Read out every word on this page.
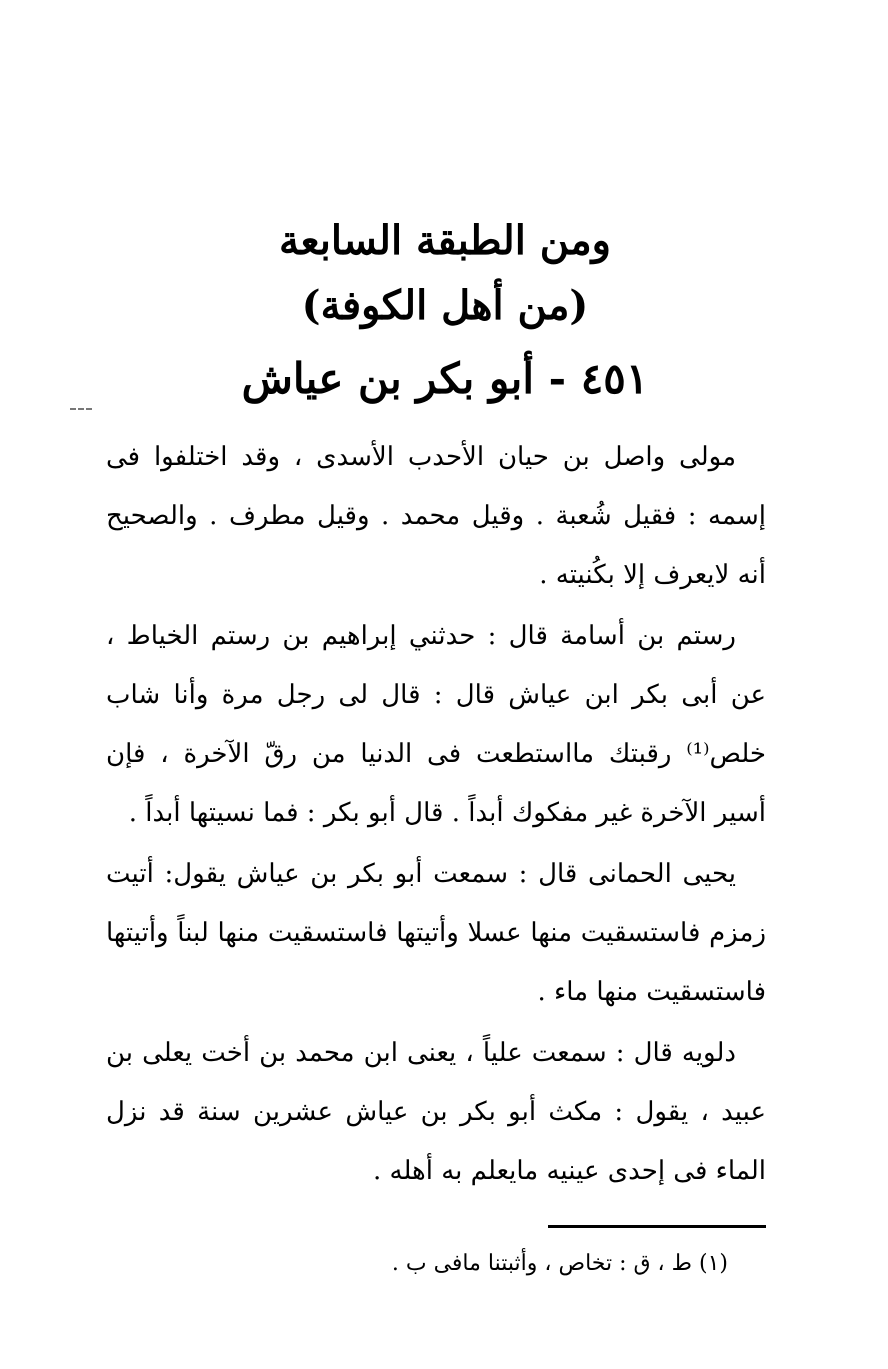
ومن الطبقة السابعة
(من أهل الكوفة)
٤٥١ - أبو بكر بن عياش

مولى واصل بن حيان الأحدب الأسدى ، وقد اختلفوا فى إسمه : فقيل شُعبة . وقيل محمد . وقيل مطرف . والصحيح أنه لايعرف إلا بكُنيته .

رستم بن أسامة قال : حدثني إبراهيم بن رستم الخياط ، عن أبى بكر ابن عياش قال : قال لى رجل مرة وأنا شاب خلص⁽¹⁾ رقبتك مااستطعت فى الدنيا من رقّ الآخرة ، فإن أسير الآخرة غير مفكوك أبداً . قال أبو بكر : فما نسيتها أبداً .

يحيى الحمانى قال : سمعت أبو بكر بن عياش يقول: أتيت زمزم فاستسقيت منها عسلا وأتيتها فاستسقيت منها لبناً وأتيتها فاستسقيت منها ماء .

دلويه قال : سمعت علياً ، يعنى ابن محمد بن أخت يعلى بن عبيد ، يقول : مكث أبو بكر بن عياش عشرين سنة قد نزل الماء فى إحدى عينيه مايعلم به أهله .

(١) ط ، ق : تخاص ، وأثبتنا مافى ب .
